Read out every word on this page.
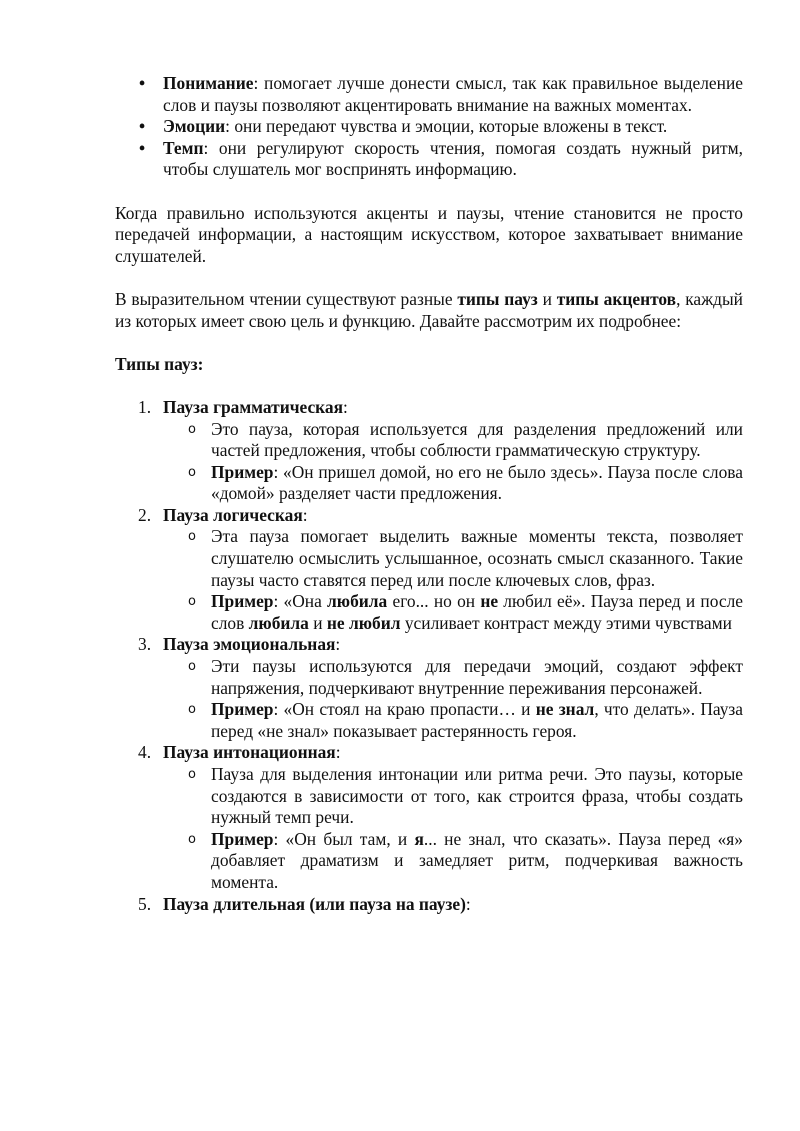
• Понимание: помогает лучше донести смысл, так как правильное выделение слов и паузы позволяют акцентировать внимание на важных моментах.
• Эмоции: они передают чувства и эмоции, которые вложены в текст.
• Темп: они регулируют скорость чтения, помогая создать нужный ритм, чтобы слушатель мог воспринять информацию.

Когда правильно используются акценты и паузы, чтение становится не просто передачей информации, а настоящим искусством, которое захватывает внимание слушателей.

В выразительном чтении существуют разные типы пауз и типы акцентов, каждый из которых имеет свою цель и функцию. Давайте рассмотрим их подробнее:

Типы пауз:

1. Пауза грамматическая:
o Это пауза, которая используется для разделения предложений или частей предложения, чтобы соблюсти грамматическую структуру.
o Пример: «Он пришел домой, но его не было здесь». Пауза после слова «домой» разделяет части предложения.
2. Пауза логическая:
o Эта пауза помогает выделить важные моменты текста, позволяет слушателю осмыслить услышанное, осознать смысл сказанного. Такие паузы часто ставятся перед или после ключевых слов, фраз.
o Пример: «Она любила его... но он не любил её». Пауза перед и после слов любила и не любил усиливает контраст между этими чувствами
3. Пауза эмоциональная:
o Эти паузы используются для передачи эмоций, создают эффект напряжения, подчеркивают внутренние переживания персонажей.
o Пример: «Он стоял на краю пропасти… и не знал, что делать». Пауза перед «не знал» показывает растерянность героя.
4. Пауза интонационная:
o Пауза для выделения интонации или ритма речи. Это паузы, которые создаются в зависимости от того, как строится фраза, чтобы создать нужный темп речи.
o Пример: «Он был там, и я... не знал, что сказать». Пауза перед «я» добавляет драматизм и замедляет ритм, подчеркивая важность момента.
5. Пауза длительная (или пауза на паузе):
